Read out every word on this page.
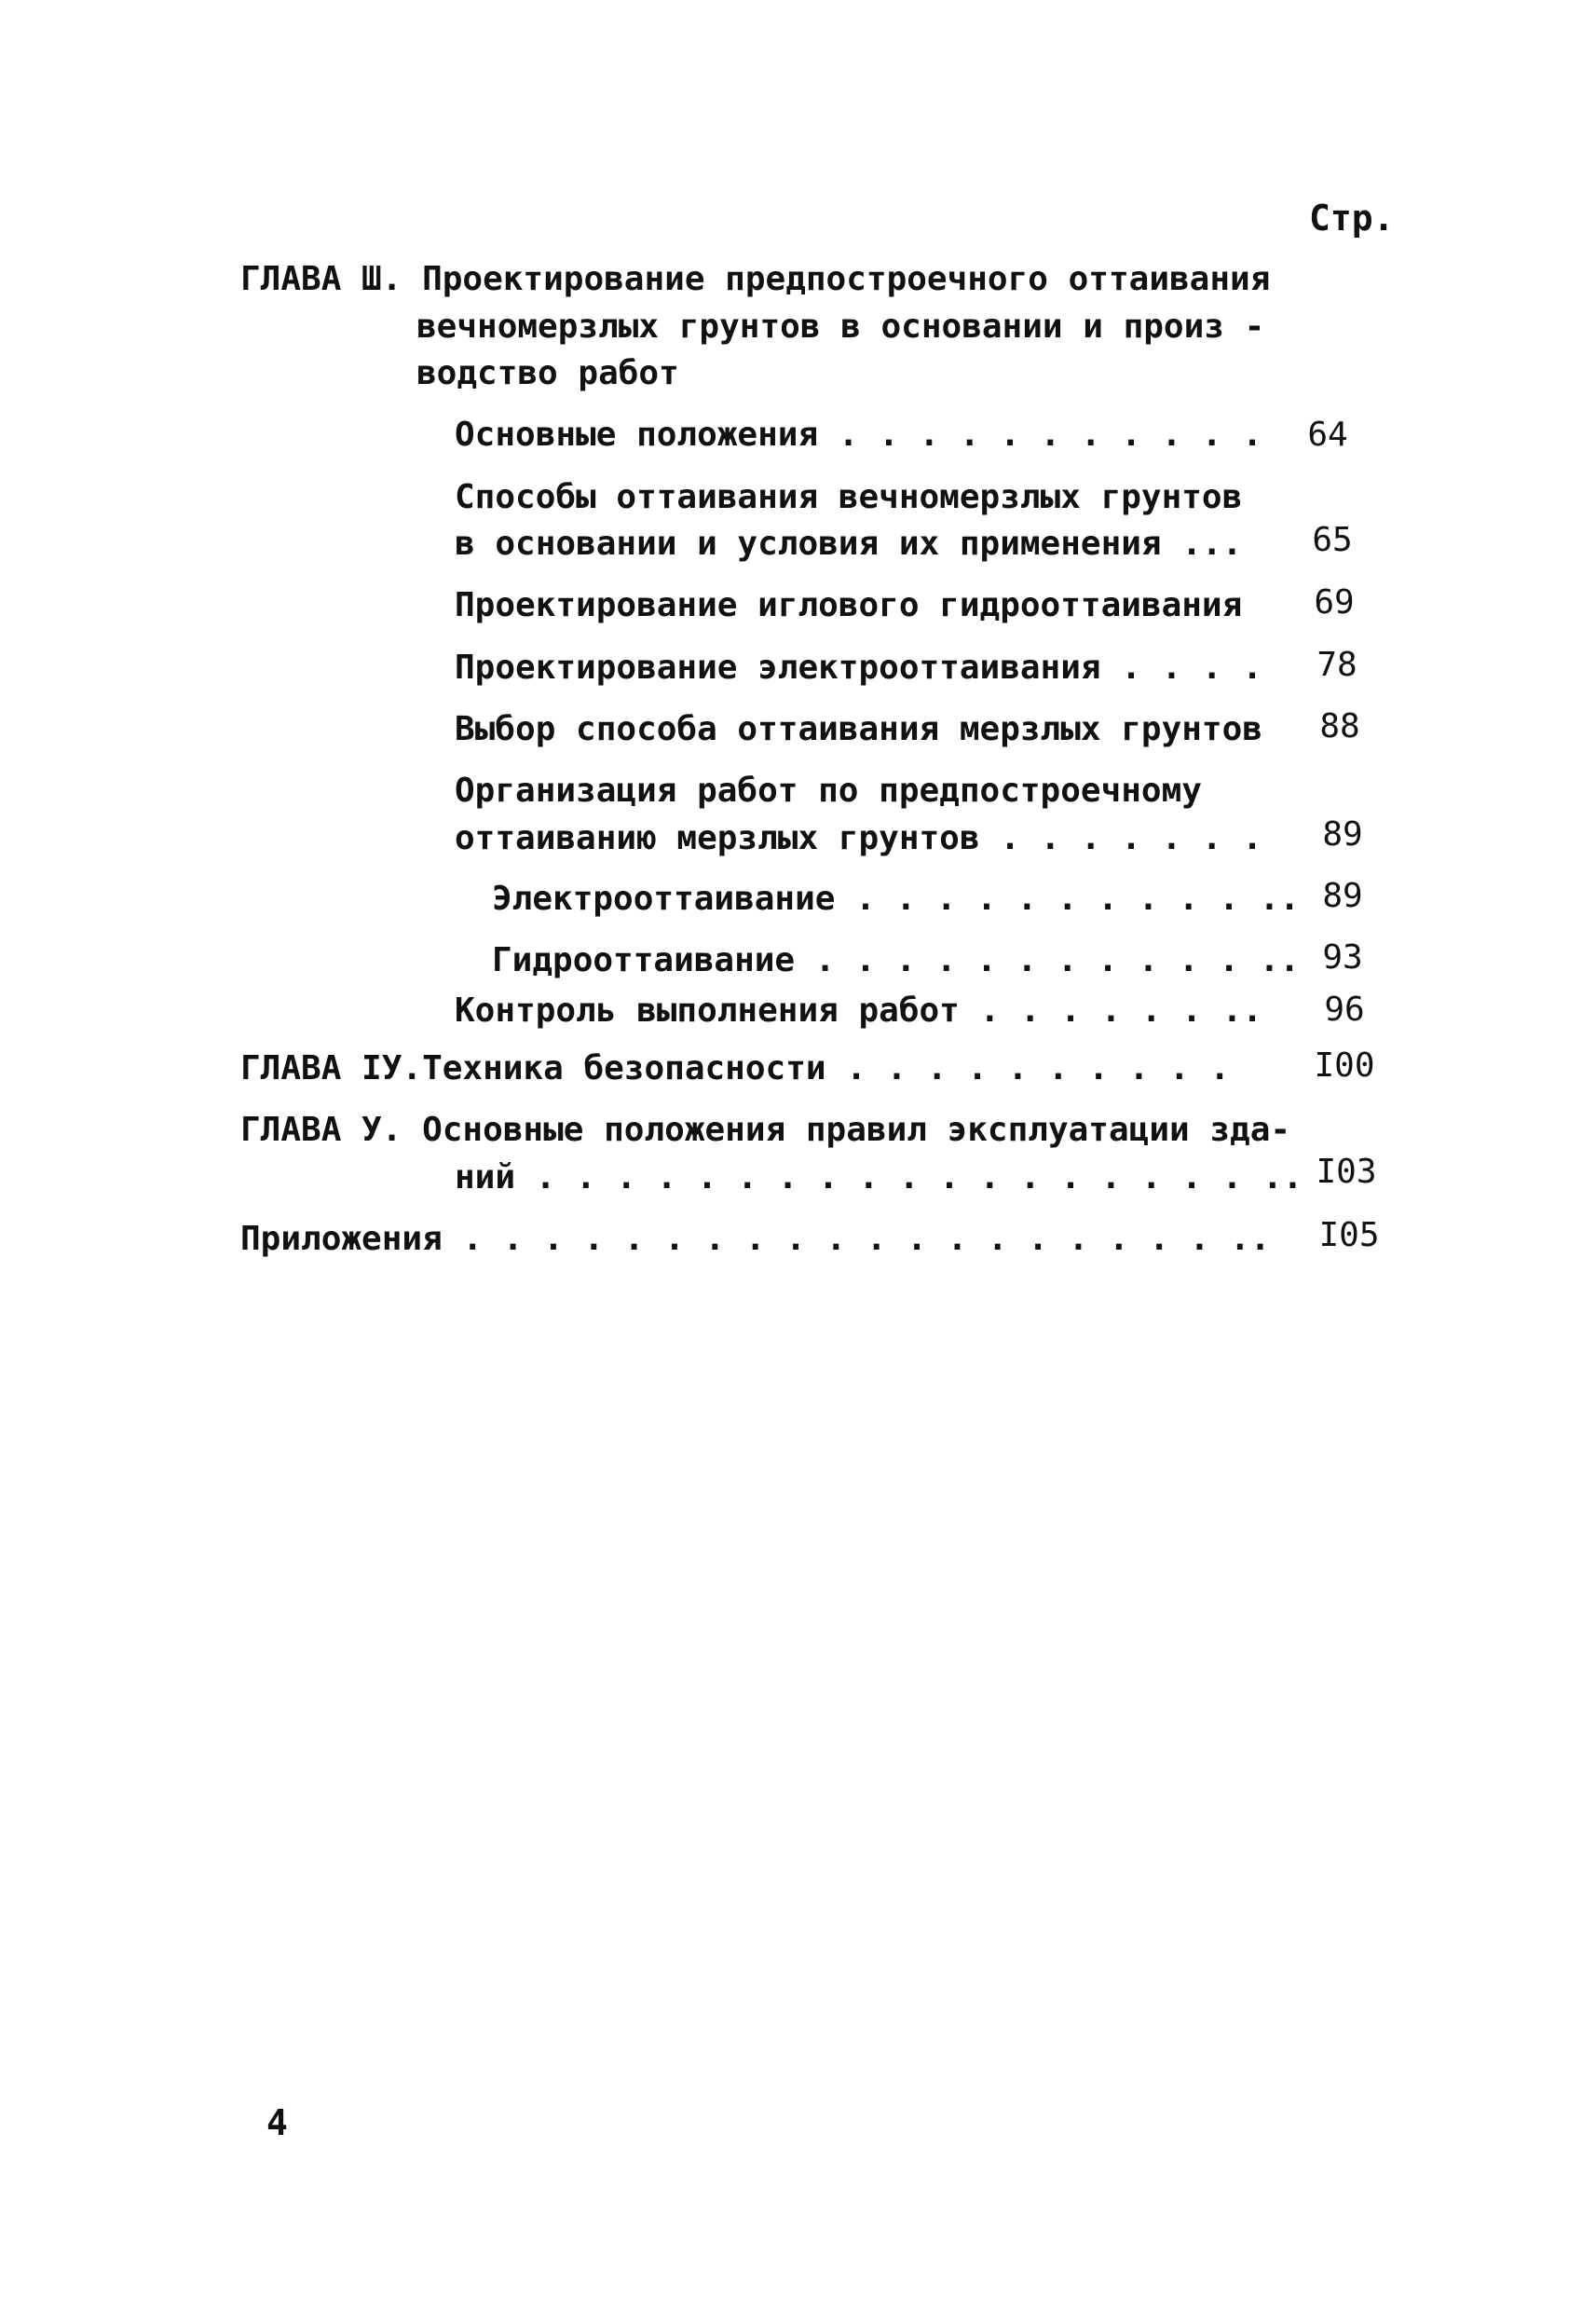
Стр.
ГЛАВА Ш. Проектирование предпостроечного оттаивания
вечномерзлых грунтов в основании и произ -
водство работ
Основные положения . . . . . . . . . . .	64
Способы оттаивания вечномерзлых грунтов
в основании и условия их применения ...	65
Проектирование иглового гидрооттаивания	69
Проектирование электрооттаивания . . . .	78
Выбор способа оттаивания мерзлых грунтов	88
Организация работ по предпостроечному
оттаиванию мерзлых грунтов . . . . . . .	89
Электрооттаивание . . . . . . . . . . .. 89
Гидрооттаивание . . . . . . . . . . . .. 93
Контроль выполнения работ . . . . . . ..	96
ГЛАВА IУ.Техника безопасности . . . . . . . . . .	I00
ГЛАВА У. Основные положения правил эксплуатации зда-
ний . . . . . . . . . . . . . . . . . . .. I03
Приложения . . . . . . . . . . . . . . . . . . . ..	I05
4
